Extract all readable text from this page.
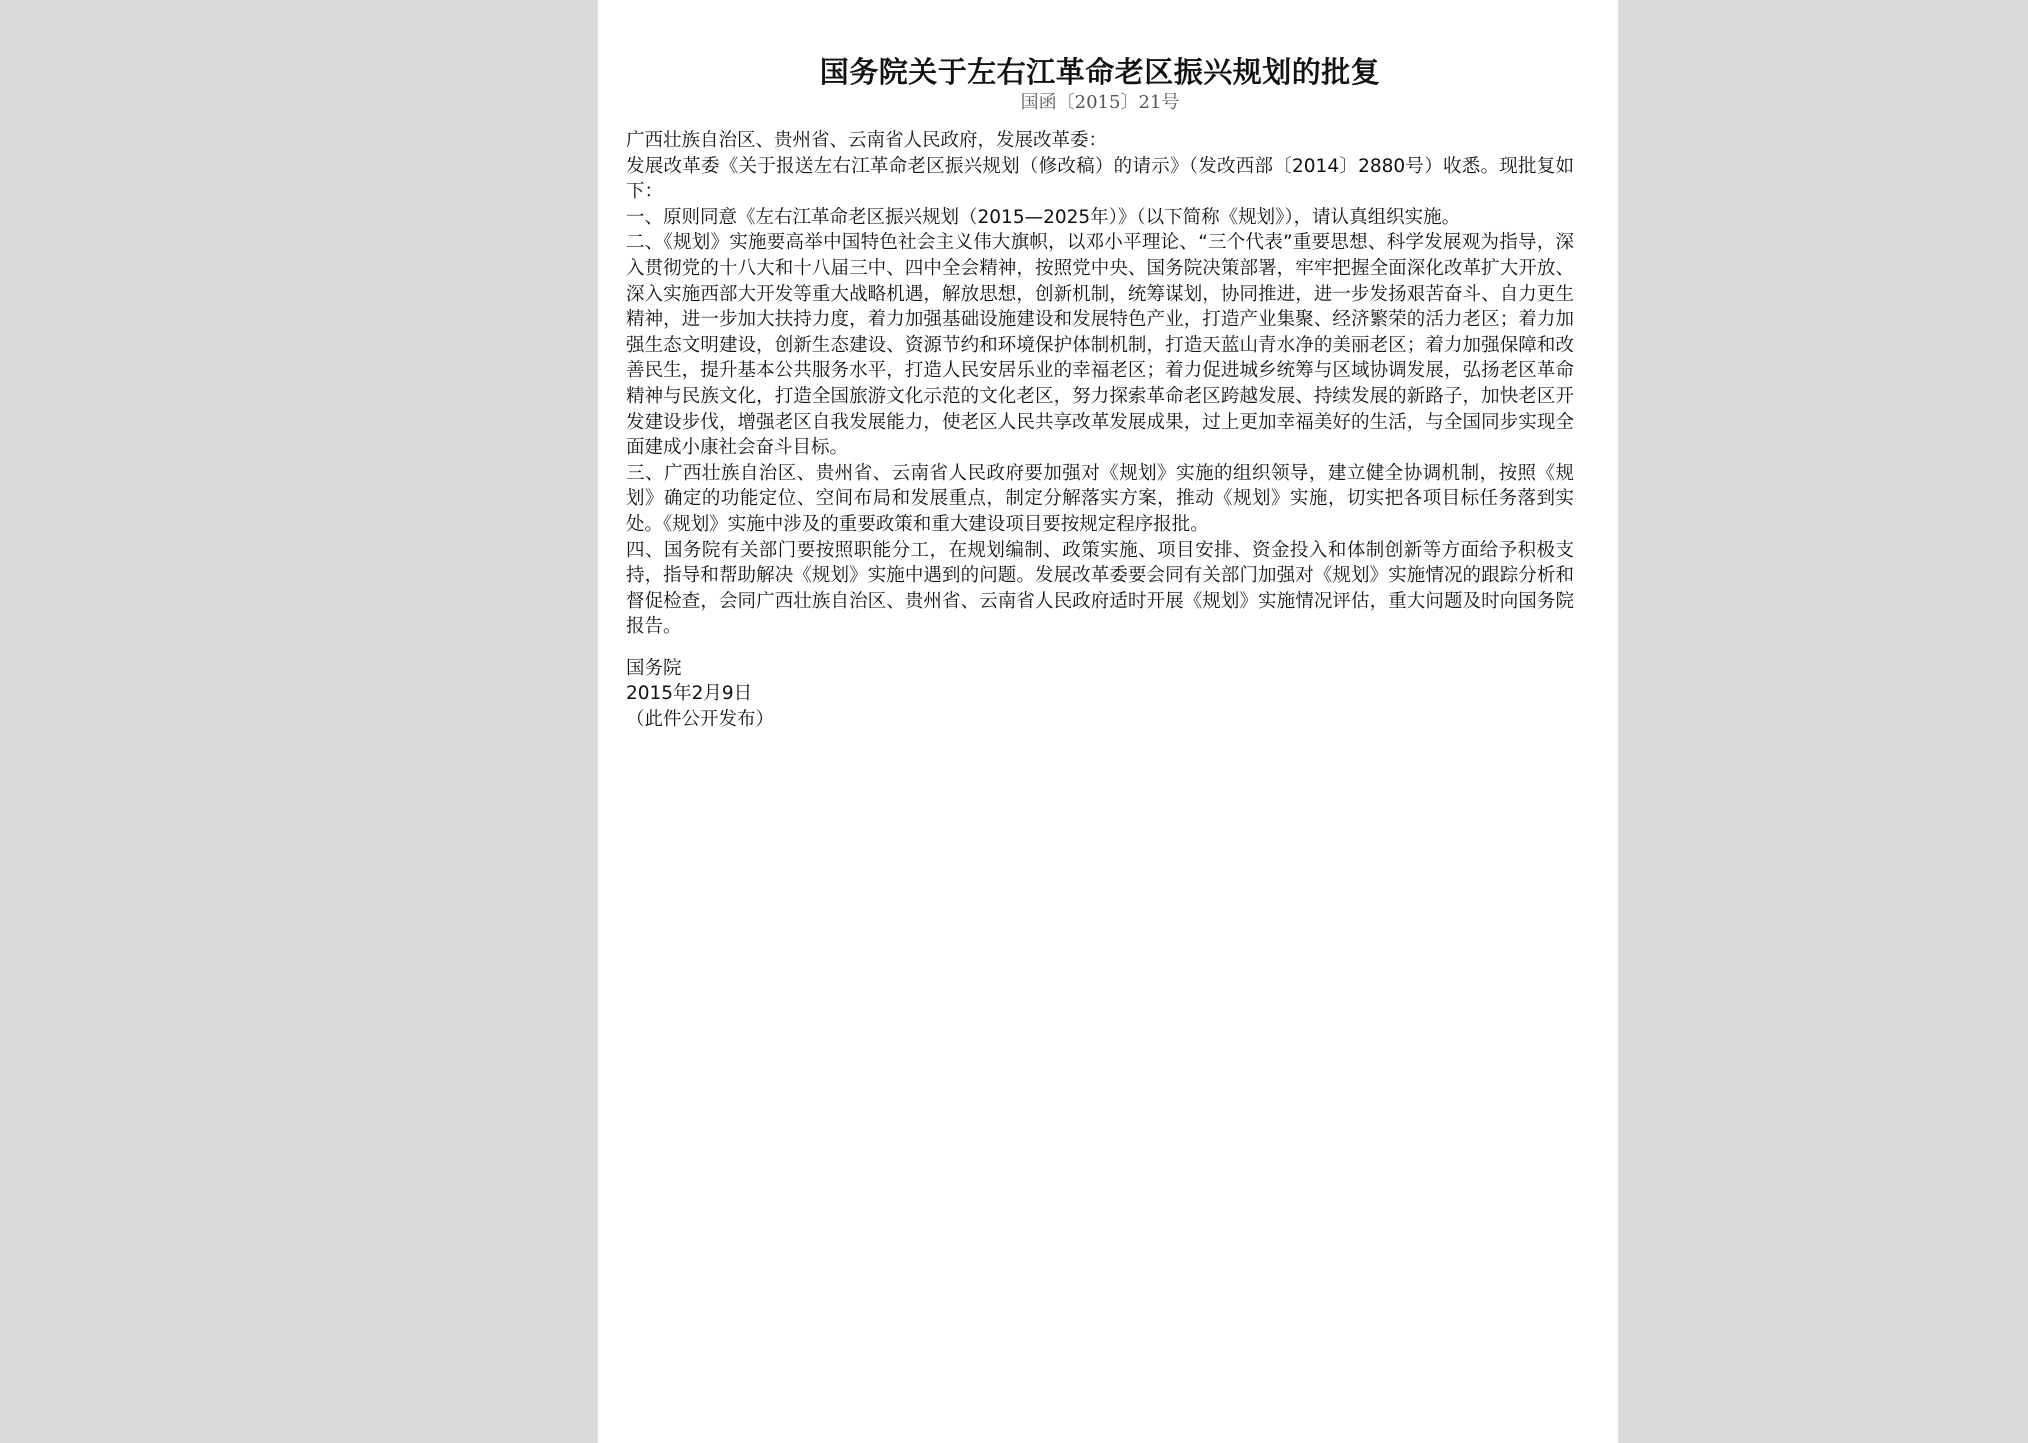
国务院关于左右江革命老区振兴规划的批复
国函〔2015〕21号

广西壮族自治区、贵州省、云南省人民政府，发展改革委：

发展改革委《关于报送左右江革命老区振兴规划（修改稿）的请示》（发改西部〔2014〕2880号）收悉。现批复如下：

一、原则同意《左右江革命老区振兴规划（2015—2025年）》（以下简称《规划》），请认真组织实施。

二、《规划》实施要高举中国特色社会主义伟大旗帜，以邓小平理论、“三个代表”重要思想、科学发展观为指导，深入贯彻党的十八大和十八届三中、四中全会精神，按照党中央、国务院决策部署，牢牢把握全面深化改革扩大开放、深入实施西部大开发等重大战略机遇，解放思想，创新机制，统筹谋划，协同推进，进一步发扬艰苦奋斗、自力更生精神，进一步加大扶持力度，着力加强基础设施建设和发展特色产业，打造产业集聚、经济繁荣的活力老区；着力加强生态文明建设，创新生态建设、资源节约和环境保护体制机制，打造天蓝山青水净的美丽老区；着力加强保障和改善民生，提升基本公共服务水平，打造人民安居乐业的幸福老区；着力促进城乡统筹与区域协调发展，弘扬老区革命精神与民族文化，打造全国旅游文化示范的文化老区，努力探索革命老区跨越发展、持续发展的新路子，加快老区开发建设步伐，增强老区自我发展能力，使老区人民共享改革发展成果，过上更加幸福美好的生活，与全国同步实现全面建成小康社会奋斗目标。

三、广西壮族自治区、贵州省、云南省人民政府要加强对《规划》实施的组织领导，建立健全协调机制，按照《规划》确定的功能定位、空间布局和发展重点，制定分解落实方案，推动《规划》实施，切实把各项目标任务落到实处。《规划》实施中涉及的重要政策和重大建设项目要按规定程序报批。

四、国务院有关部门要按照职能分工，在规划编制、政策实施、项目安排、资金投入和体制创新等方面给予积极支持，指导和帮助解决《规划》实施中遇到的问题。发展改革委要会同有关部门加强对《规划》实施情况的跟踪分析和督促检查，会同广西壮族自治区、贵州省、云南省人民政府适时开展《规划》实施情况评估，重大问题及时向国务院报告。

国务院

2015年2月9日

（此件公开发布）
